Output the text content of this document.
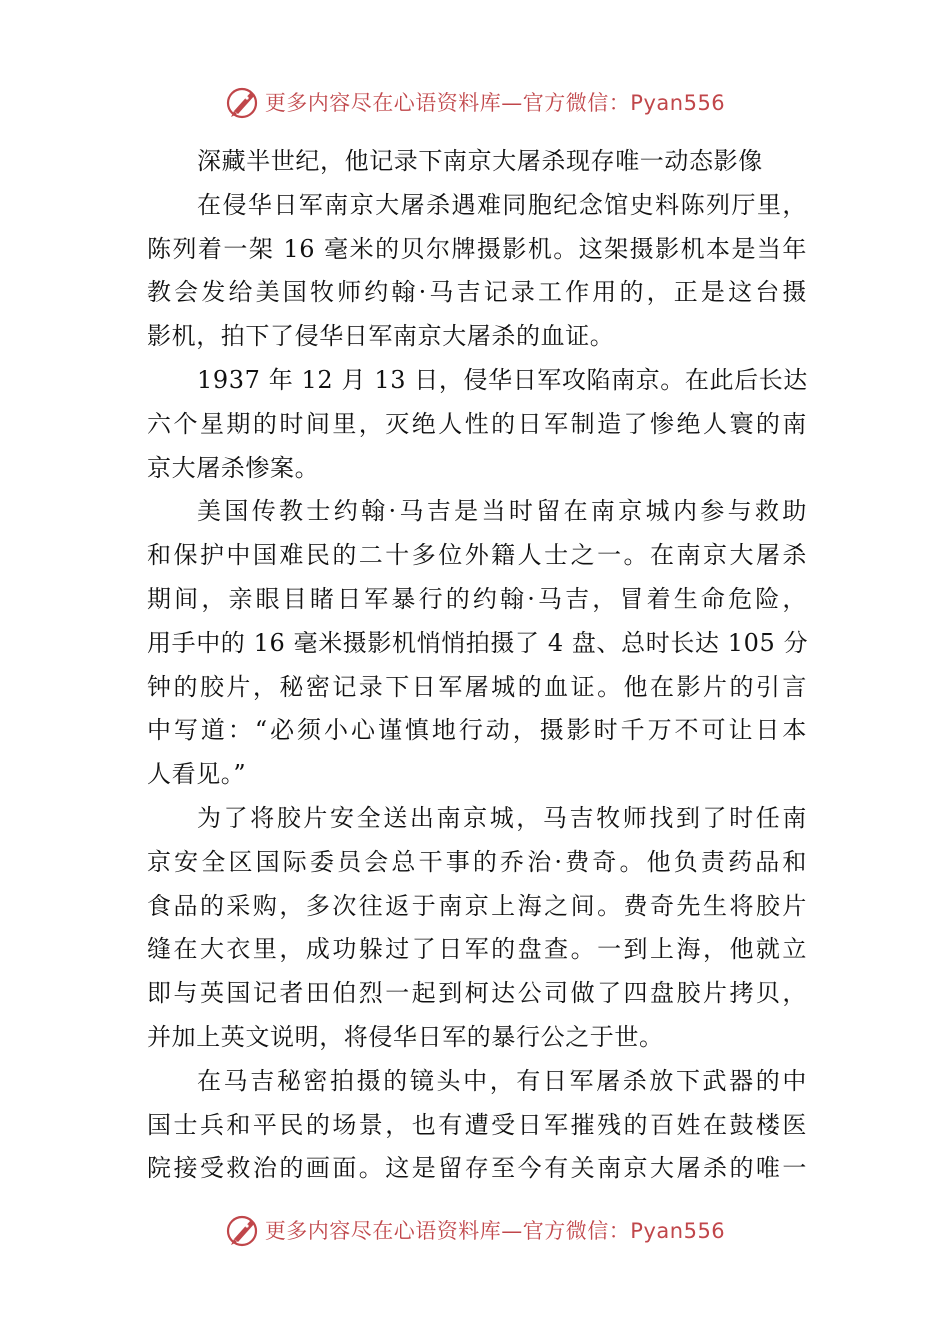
更多内容尽在心语资料库—官方微信：Pyan556
深藏半世纪，他记录下南京大屠杀现存唯一动态影像
在侵华日军南京大屠杀遇难同胞纪念馆史料陈列厅里，
陈列着一架 16 毫米的贝尔牌摄影机。这架摄影机本是当年
教会发给美国牧师约翰·马吉记录工作用的，正是这台摄
影机，拍下了侵华日军南京大屠杀的血证。
1937 年 12 月 13 日，侵华日军攻陷南京。在此后长达
六个星期的时间里，灭绝人性的日军制造了惨绝人寰的南
京大屠杀惨案。
美国传教士约翰·马吉是当时留在南京城内参与救助
和保护中国难民的二十多位外籍人士之一。在南京大屠杀
期间，亲眼目睹日军暴行的约翰·马吉，冒着生命危险，
用手中的 16 毫米摄影机悄悄拍摄了 4 盘、总时长达 105 分
钟的胶片，秘密记录下日军屠城的血证。他在影片的引言
中写道：“必须小心谨慎地行动，摄影时千万不可让日本
人看见。”
为了将胶片安全送出南京城，马吉牧师找到了时任南
京安全区国际委员会总干事的乔治·费奇。他负责药品和
食品的采购，多次往返于南京上海之间。费奇先生将胶片
缝在大衣里，成功躲过了日军的盘查。一到上海，他就立
即与英国记者田伯烈一起到柯达公司做了四盘胶片拷贝，
并加上英文说明，将侵华日军的暴行公之于世。
在马吉秘密拍摄的镜头中，有日军屠杀放下武器的中
国士兵和平民的场景，也有遭受日军摧残的百姓在鼓楼医
院接受救治的画面。这是留存至今有关南京大屠杀的唯一
更多内容尽在心语资料库—官方微信：Pyan556
